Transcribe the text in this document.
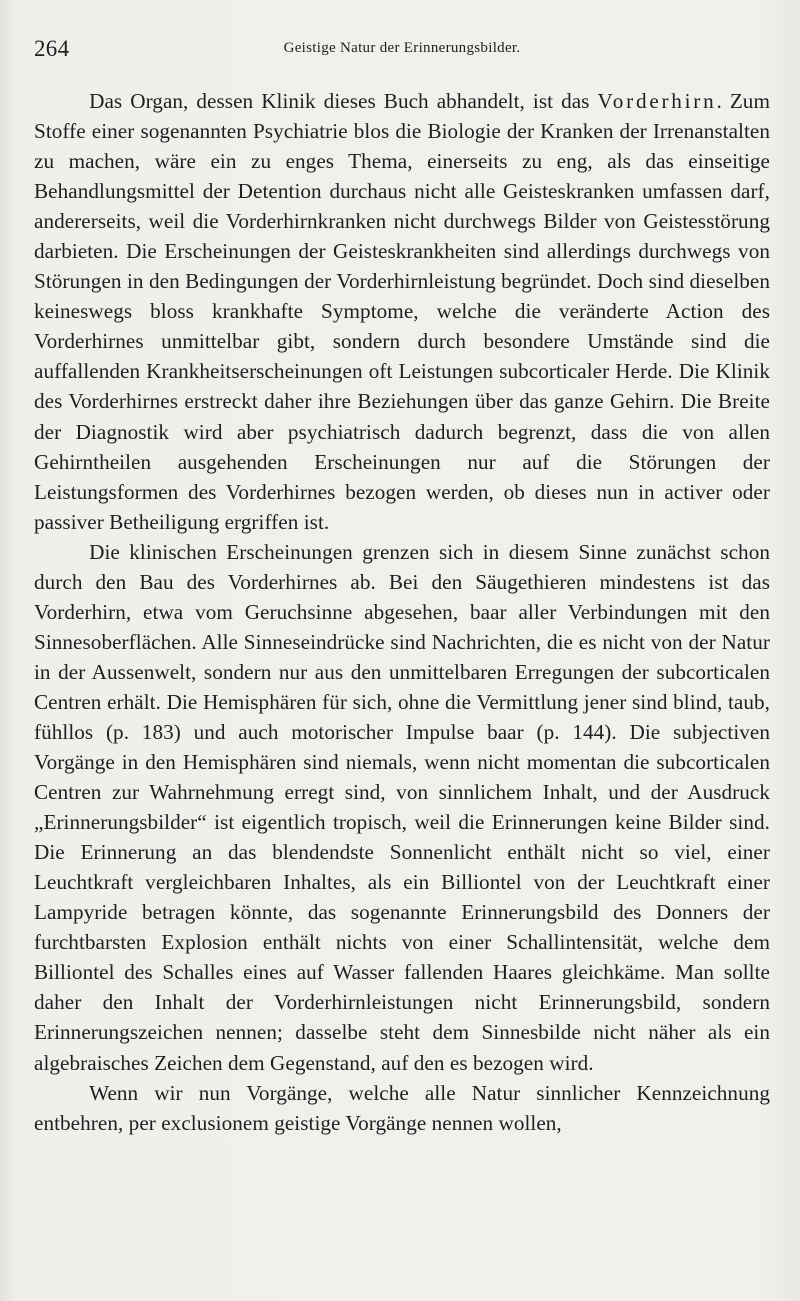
264	Geistige Natur der Erinnerungsbilder.

Das Organ, dessen Klinik dieses Buch abhandelt, ist das Vorderhirn. Zum Stoffe einer sogenannten Psychiatrie blos die Biologie der Kranken der Irrenanstalten zu machen, wäre ein zu enges Thema, einerseits zu eng, als das einseitige Behandlungsmittel der Detention durchaus nicht alle Geisteskranken umfassen darf, andererseits, weil die Vorderhirnkranken nicht durchwegs Bilder von Geistesstörung darbieten. Die Erscheinungen der Geisteskrankheiten sind allerdings durchwegs von Störungen in den Bedingungen der Vorderhirnleistung begründet. Doch sind dieselben keineswegs bloss krankhafte Symptome, welche die veränderte Action des Vorderhirnes unmittelbar gibt, sondern durch besondere Umstände sind die auffallenden Krankheitserscheinungen oft Leistungen subcorticaler Herde. Die Klinik des Vorderhirnes erstreckt daher ihre Beziehungen über das ganze Gehirn. Die Breite der Diagnostik wird aber psychiatrisch dadurch begrenzt, dass die von allen Gehirntheilen ausgehenden Erscheinungen nur auf die Störungen der Leistungsformen des Vorderhirnes bezogen werden, ob dieses nun in activer oder passiver Betheiligung ergriffen ist.

Die klinischen Erscheinungen grenzen sich in diesem Sinne zunächst schon durch den Bau des Vorderhirnes ab. Bei den Säugethieren mindestens ist das Vorderhirn, etwa vom Geruchsinne abgesehen, baar aller Verbindungen mit den Sinnesoberflächen. Alle Sinneseindrücke sind Nachrichten, die es nicht von der Natur in der Aussenwelt, sondern nur aus den unmittelbaren Erregungen der subcorticalen Centren erhält. Die Hemisphären für sich, ohne die Vermittlung jener sind blind, taub, fühllos (p. 183) und auch motorischer Impulse baar (p. 144). Die subjectiven Vorgänge in den Hemisphären sind niemals, wenn nicht momentan die subcorticalen Centren zur Wahrnehmung erregt sind, von sinnlichem Inhalt, und der Ausdruck „Erinnerungsbilder“ ist eigentlich tropisch, weil die Erinnerungen keine Bilder sind. Die Erinnerung an das blendendste Sonnenlicht enthält nicht so viel, einer Leuchtkraft vergleichbaren Inhaltes, als ein Billiontel von der Leuchtkraft einer Lampyride betragen könnte, das sogenannte Erinnerungsbild des Donners der furchtbarsten Explosion enthält nichts von einer Schallintensität, welche dem Billiontel des Schalles eines auf Wasser fallenden Haares gleichkäme. Man sollte daher den Inhalt der Vorderhirnleistungen nicht Erinnerungsbild, sondern Erinnerungszeichen nennen; dasselbe steht dem Sinnesbilde nicht näher als ein algebraisches Zeichen dem Gegenstand, auf den es bezogen wird.

Wenn wir nun Vorgänge, welche alle Natur sinnlicher Kennzeichnung entbehren, per exclusionem geistige Vorgänge nennen wollen,
